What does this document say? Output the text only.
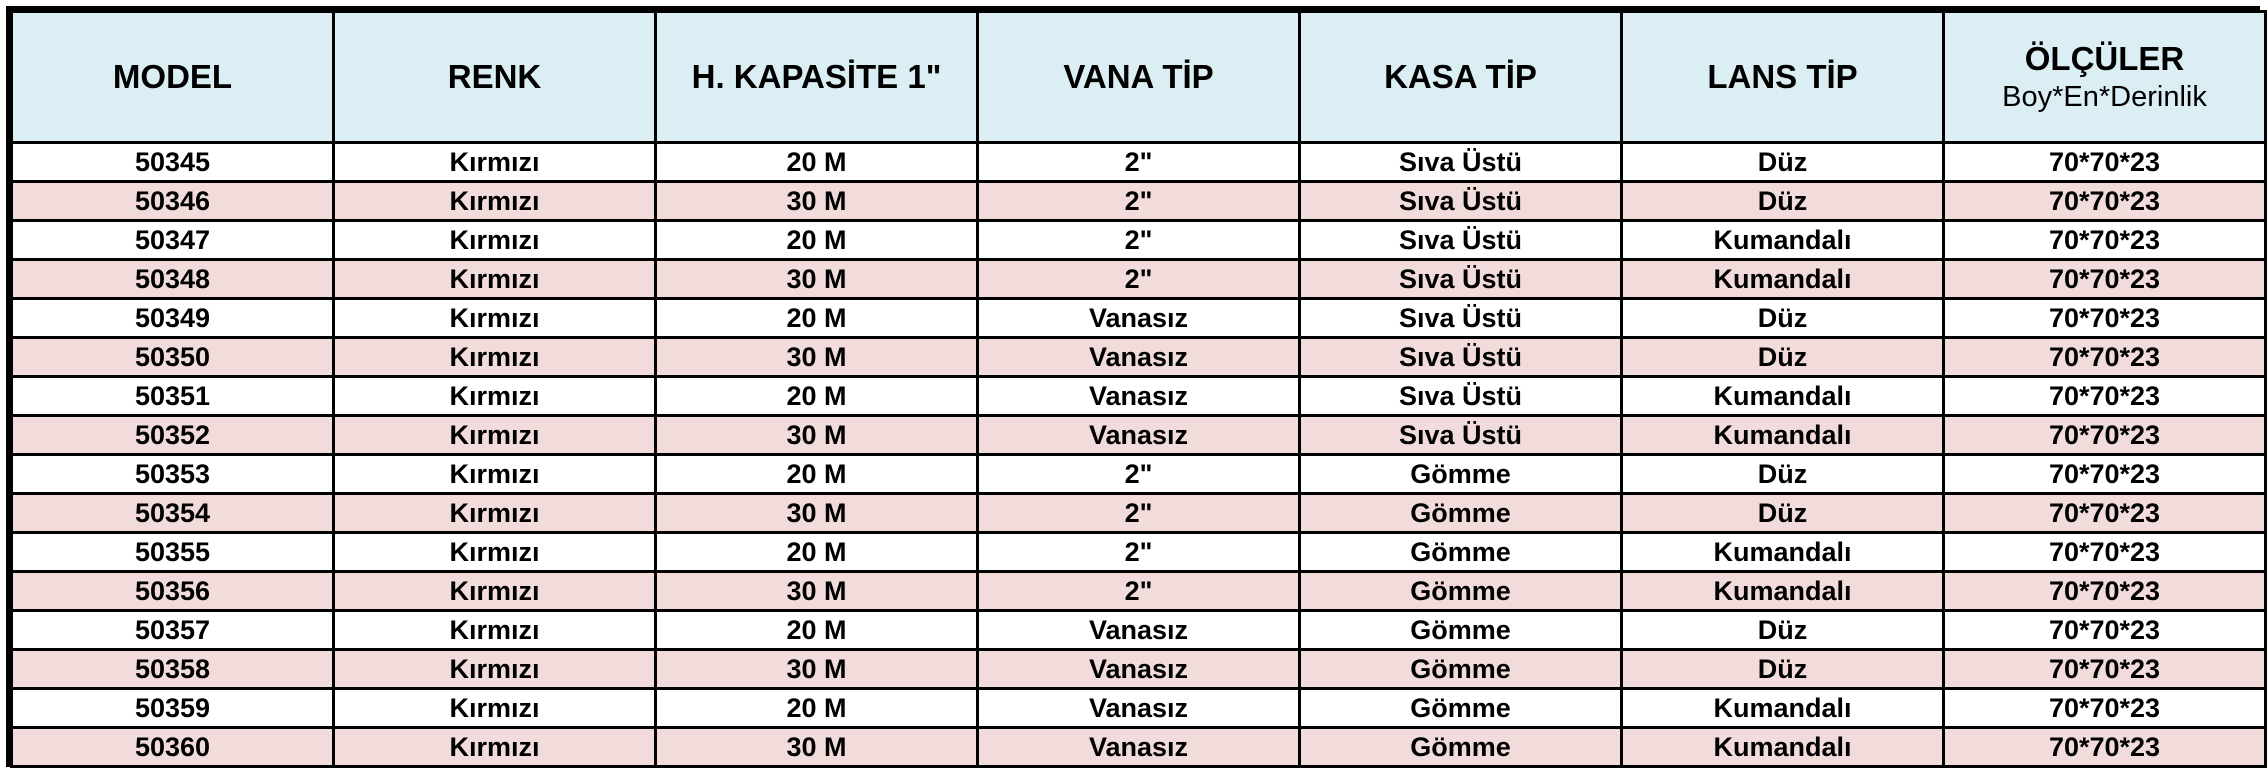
MODEL	RENK	H. KAPASİTE 1"	VANA TİP	KASA TİP	LANS TİP	ÖLÇÜLER
Boy*En*Derinlik

50345	Kırmızı	20 M	2"	Sıva Üstü	Düz	70*70*23
50346	Kırmızı	30 M	2"	Sıva Üstü	Düz	70*70*23
50347	Kırmızı	20 M	2"	Sıva Üstü	Kumandalı	70*70*23
50348	Kırmızı	30 M	2"	Sıva Üstü	Kumandalı	70*70*23
50349	Kırmızı	20 M	Vanasız	Sıva Üstü	Düz	70*70*23
50350	Kırmızı	30 M	Vanasız	Sıva Üstü	Düz	70*70*23
50351	Kırmızı	20 M	Vanasız	Sıva Üstü	Kumandalı	70*70*23
50352	Kırmızı	30 M	Vanasız	Sıva Üstü	Kumandalı	70*70*23
50353	Kırmızı	20 M	2"	Gömme	Düz	70*70*23
50354	Kırmızı	30 M	2"	Gömme	Düz	70*70*23
50355	Kırmızı	20 M	2"	Gömme	Kumandalı	70*70*23
50356	Kırmızı	30 M	2"	Gömme	Kumandalı	70*70*23
50357	Kırmızı	20 M	Vanasız	Gömme	Düz	70*70*23
50358	Kırmızı	30 M	Vanasız	Gömme	Düz	70*70*23
50359	Kırmızı	20 M	Vanasız	Gömme	Kumandalı	70*70*23
50360	Kırmızı	30 M	Vanasız	Gömme	Kumandalı	70*70*23
